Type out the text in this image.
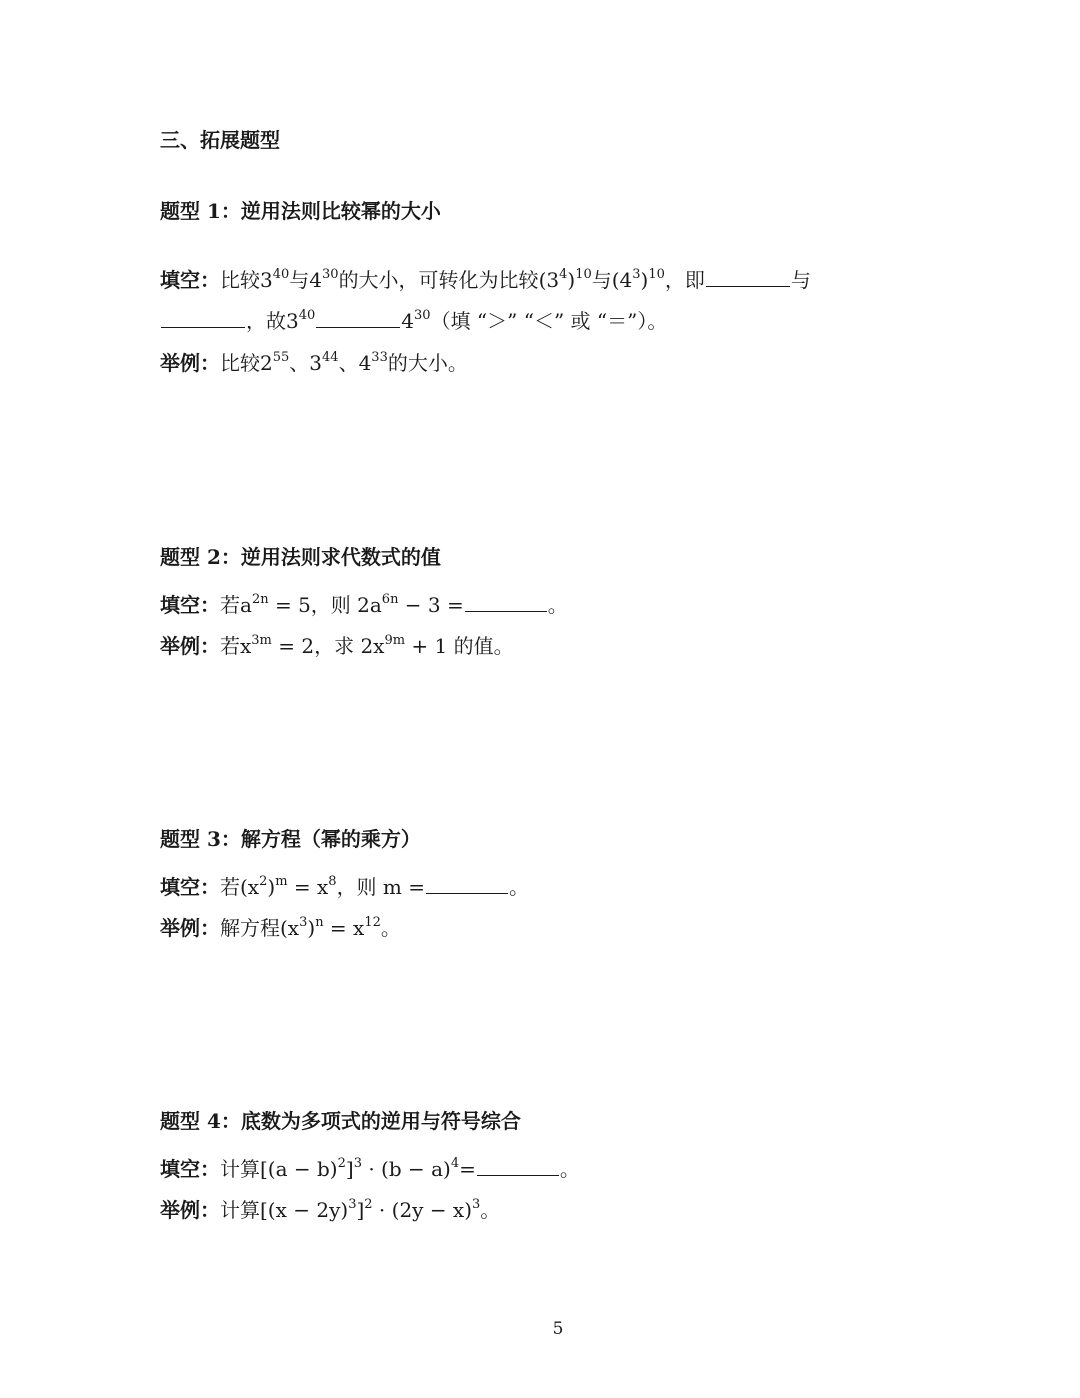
三、拓展题型
题型 1：逆用法则比较幂的大小
填空：比较$3^{40}$与$4^{30}$的大小，可转化为比较$(3^4)^{10}$与$(4^3)^{10}$，即	与
，故$3^{40}$	$4^{30}$（填 “＞” “＜” 或 “＝”）。
举例：比较$2^{55}$、$3^{44}$、$4^{33}$的大小。
题型 2：逆用法则求代数式的值
填空：若$a^{2n} = 5$，则 $2a^{6n} - 3$ =	。
举例：若$x^{3m} = 2$，求 $2x^{9m} + 1$ 的值。
题型 3：解方程（幂的乘方）
填空：若$(x^2)^m = x^8$，则 m =	。
举例：解方程$(x^3)^n = x^{12}$。
题型 4：底数为多项式的逆用与符号综合
填空：计算$[(a - b)^2]^3 \cdot (b - a)^4=$	。
举例：计算$[(x - 2y)^3]^2 \cdot (2y - x)^3$。
5
